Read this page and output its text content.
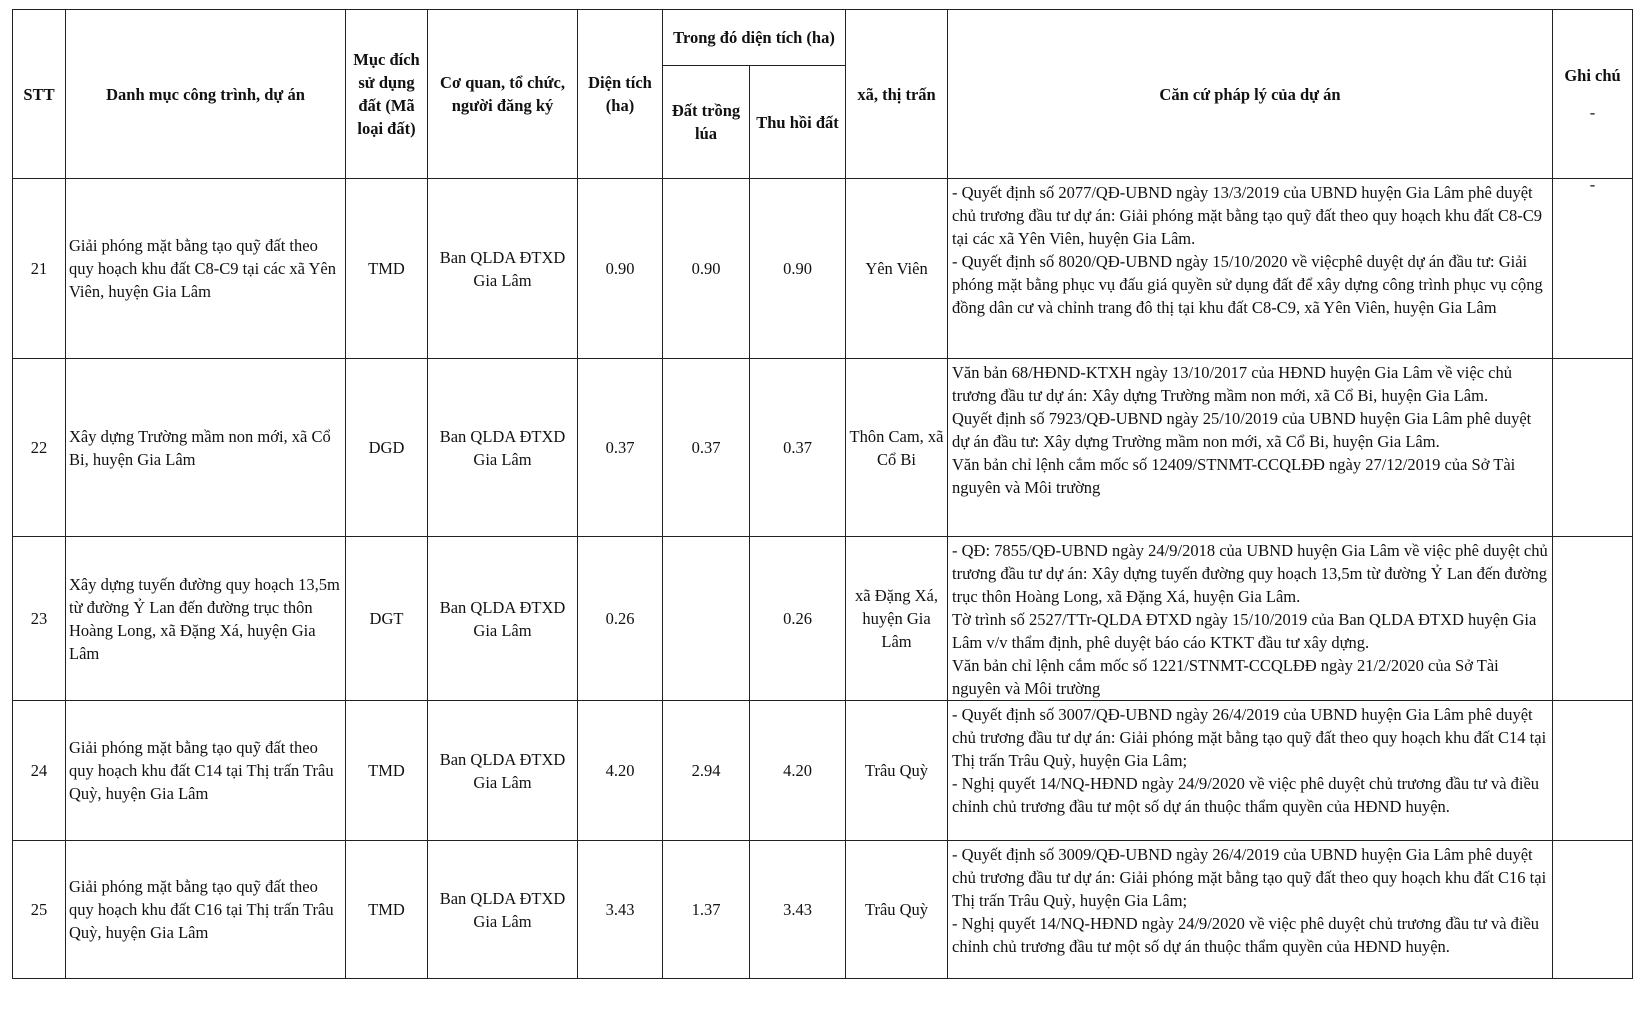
STT	Danh mục công trình, dự án	Mục đích sử dụng đất (Mã loại đất)	Cơ quan, tổ chức, người đăng ký	Diện tích (ha)	Trong đó diện tích (ha)		xã, thị trấn	Căn cứ pháp lý của dự án	Ghi chú
-

					Đất trồng lúa	Thu hồi đất			
21	Giải phóng mặt bằng tạo quỹ đất theo quy hoạch khu đất C8-C9 tại các xã Yên Viên, huyện Gia Lâm	TMD	Ban QLDA ĐTXD Gia Lâm	0.90	0.90	0.90	Yên Viên	- Quyết định số 2077/QĐ-UBND ngày 13/3/2019 của UBND huyện Gia Lâm phê duyệt chủ trương đầu tư dự án: Giải phóng mặt bằng tạo quỹ đất theo quy hoạch khu đất C8-C9 tại các xã Yên Viên, huyện Gia Lâm.
- Quyết định số 8020/QĐ-UBND ngày 15/10/2020 về việcphê duyệt dự án đầu tư: Giải phóng mặt bằng phục vụ đấu giá quyền sử dụng đất để xây dựng công trình phục vụ cộng đồng dân cư và chỉnh trang đô thị tại khu đất C8-C9, xã Yên Viên, huyện Gia Lâm	-

22	Xây dựng Trường mầm non mới, xã Cổ Bi, huyện Gia Lâm	DGD	Ban QLDA ĐTXD Gia Lâm	0.37	0.37	0.37	Thôn Cam, xã Cổ Bi	Văn bản 68/HĐND-KTXH ngày 13/10/2017 của HĐND huyện Gia Lâm về việc chủ trương đầu tư dự án: Xây dựng Trường mầm non mới, xã Cổ Bi, huyện Gia Lâm.
Quyết định số 7923/QĐ-UBND ngày 25/10/2019 của UBND huyện Gia Lâm phê duyệt dự án đầu tư: Xây dựng Trường mầm non mới, xã Cổ Bi, huyện Gia Lâm.
Văn bản chỉ lệnh cắm mốc số 12409/STNMT-CCQLĐĐ ngày 27/12/2019 của Sở Tài nguyên và Môi trường	

23	Xây dựng tuyến đường quy hoạch 13,5m từ đường Ỷ Lan đến đường trục thôn Hoàng Long, xã Đặng Xá, huyện Gia Lâm	DGT	Ban QLDA ĐTXD Gia Lâm	0.26		0.26	xã Đặng Xá, huyện Gia Lâm	- QĐ: 7855/QĐ-UBND ngày 24/9/2018 của UBND huyện Gia Lâm về việc phê duyệt chủ trương đầu tư dự án: Xây dựng tuyến đường quy hoạch 13,5m từ đường Ỷ Lan đến đường trục thôn Hoàng Long, xã Đặng Xá, huyện Gia Lâm.
Tờ trình số 2527/TTr-QLDA ĐTXD ngày 15/10/2019 của Ban QLDA ĐTXD huyện Gia Lâm v/v thẩm định, phê duyệt báo cáo KTKT đầu tư xây dựng.
Văn bản chỉ lệnh cắm mốc số 1221/STNMT-CCQLĐĐ ngày 21/2/2020 của Sở Tài nguyên và Môi trường	

24	Giải phóng mặt bằng tạo quỹ đất theo quy hoạch khu đất C14 tại Thị trấn Trâu Quỳ, huyện Gia Lâm	TMD	Ban QLDA ĐTXD Gia Lâm	4.20	2.94	4.20	Trâu Quỳ	- Quyết định số 3007/QĐ-UBND ngày 26/4/2019 của UBND huyện Gia Lâm phê duyệt chủ trương đầu tư dự án: Giải phóng mặt bằng tạo quỹ đất theo quy hoạch khu đất C14 tại Thị trấn Trâu Quỳ, huyện Gia Lâm;
- Nghị quyết 14/NQ-HĐND ngày 24/9/2020 về việc phê duyệt chủ trương đầu tư và điều chỉnh chủ trương đầu tư một số dự án thuộc thẩm quyền của HĐND huyện.	

25	Giải phóng mặt bằng tạo quỹ đất theo quy hoạch khu đất C16 tại Thị trấn Trâu Quỳ, huyện Gia Lâm	TMD	Ban QLDA ĐTXD Gia Lâm	3.43	1.37	3.43	Trâu Quỳ	- Quyết định số 3009/QĐ-UBND ngày 26/4/2019 của UBND huyện Gia Lâm phê duyệt chủ trương đầu tư dự án: Giải phóng mặt bằng tạo quỹ đất theo quy hoạch khu đất C16 tại Thị trấn Trâu Quỳ, huyện Gia Lâm;
- Nghị quyết 14/NQ-HĐND ngày 24/9/2020 về việc phê duyệt chủ trương đầu tư và điều chỉnh chủ trương đầu tư một số dự án thuộc thẩm quyền của HĐND huyện.	
